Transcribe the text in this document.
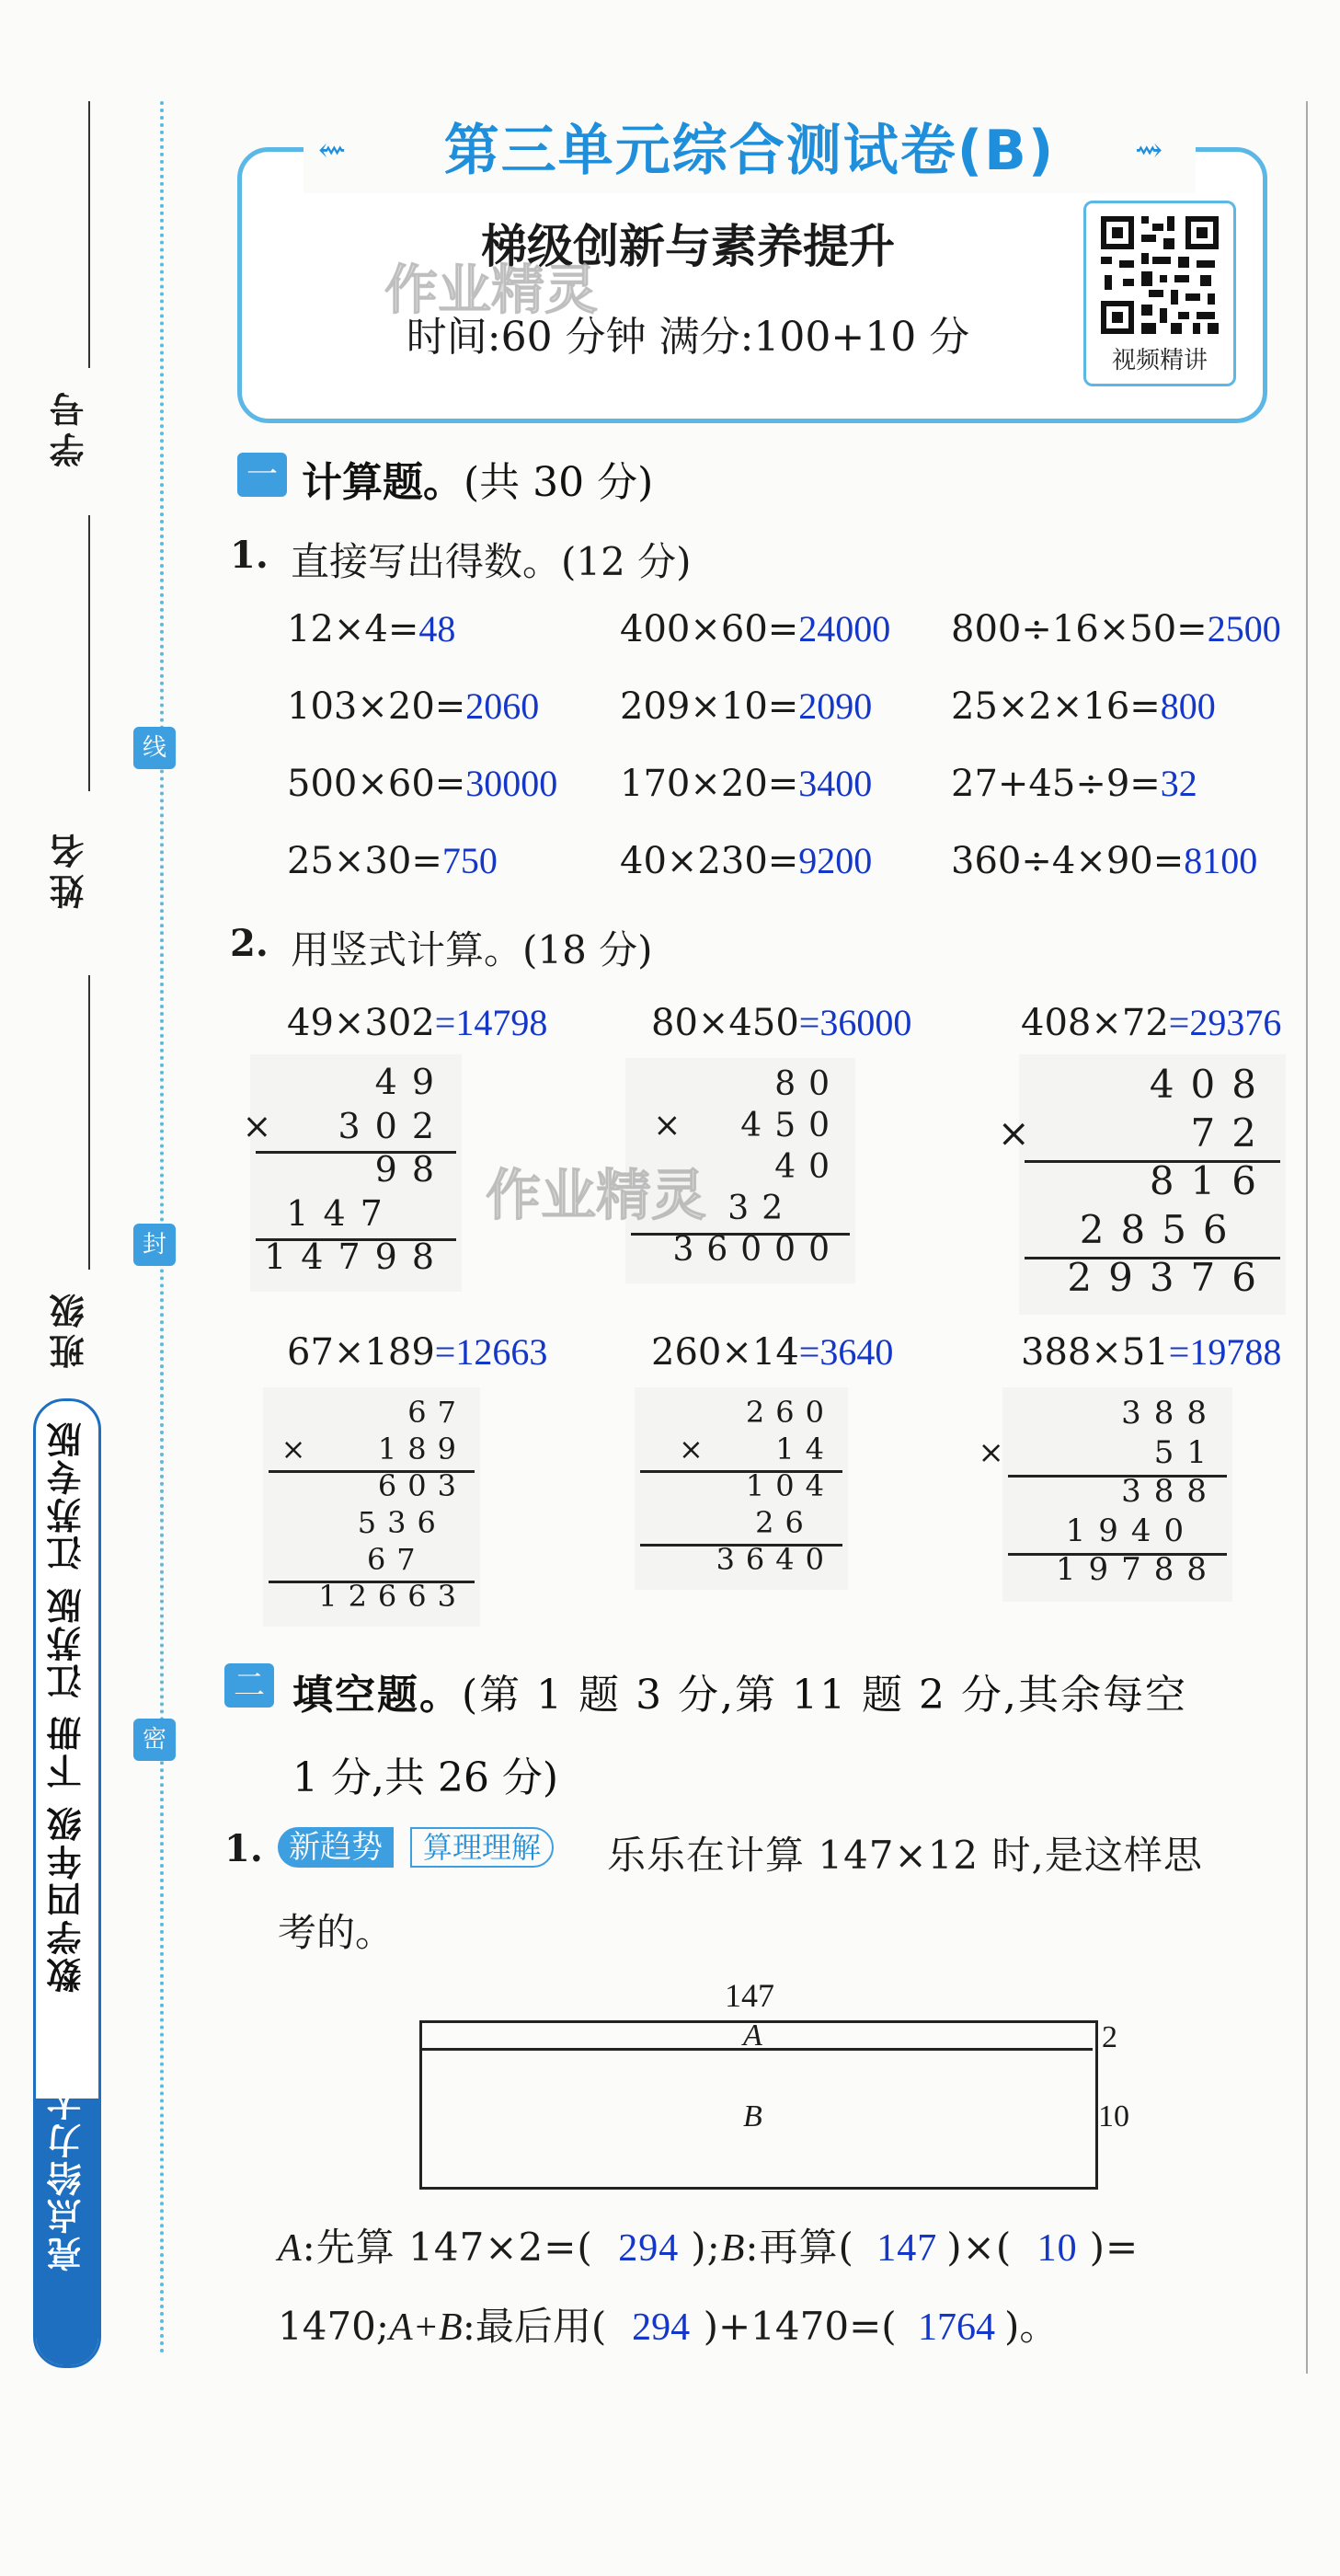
学号
姓名
班级
线
封
密
亮点给力大试卷 数学四年级 下册 江苏版 江苏专版
第三单元综合测试卷(B)
⇜	⇝
梯级创新与素养提升
时间:60 分钟 满分:100+10 分
作业精灵
视频精讲
一 计算题。(共 30 分)
1. 直接写出得数。(12 分)
12×4=48	400×60=24000 800÷16×50=2500
103×20=2060 209×10=2090 25×2×16=800
500×60=30000 170×20=3400 27+45÷9=32
25×30=750	40×230=9200 360÷4×90=8100
2. 用竖式计算。(18 分)
49×302=14798
49
×  302
98
147
14798
80×450=36000
80
×  450
40
32
36000
408×72=29376
408
×     72
816
2856
29376
67×189=12663
67
×   189
603
536
67
12663
260×14=3640
260
×   14
104
26
3640
388×51=19788
388
×      51
388
1940
19788
作业精灵
二 填空题。(第 1 题 3 分,第 11 题 2 分,其余每空
1 分,共 26 分)
1. 新趋势	算理理解	乐乐在计算 147×12 时,是这样思
考的。
147
A
B
2
10
A:先算 147×2=( 294 );B:再算( 147 )×( 10 )=
1470;A+B:最后用( 294 )+1470=( 1764 )。
